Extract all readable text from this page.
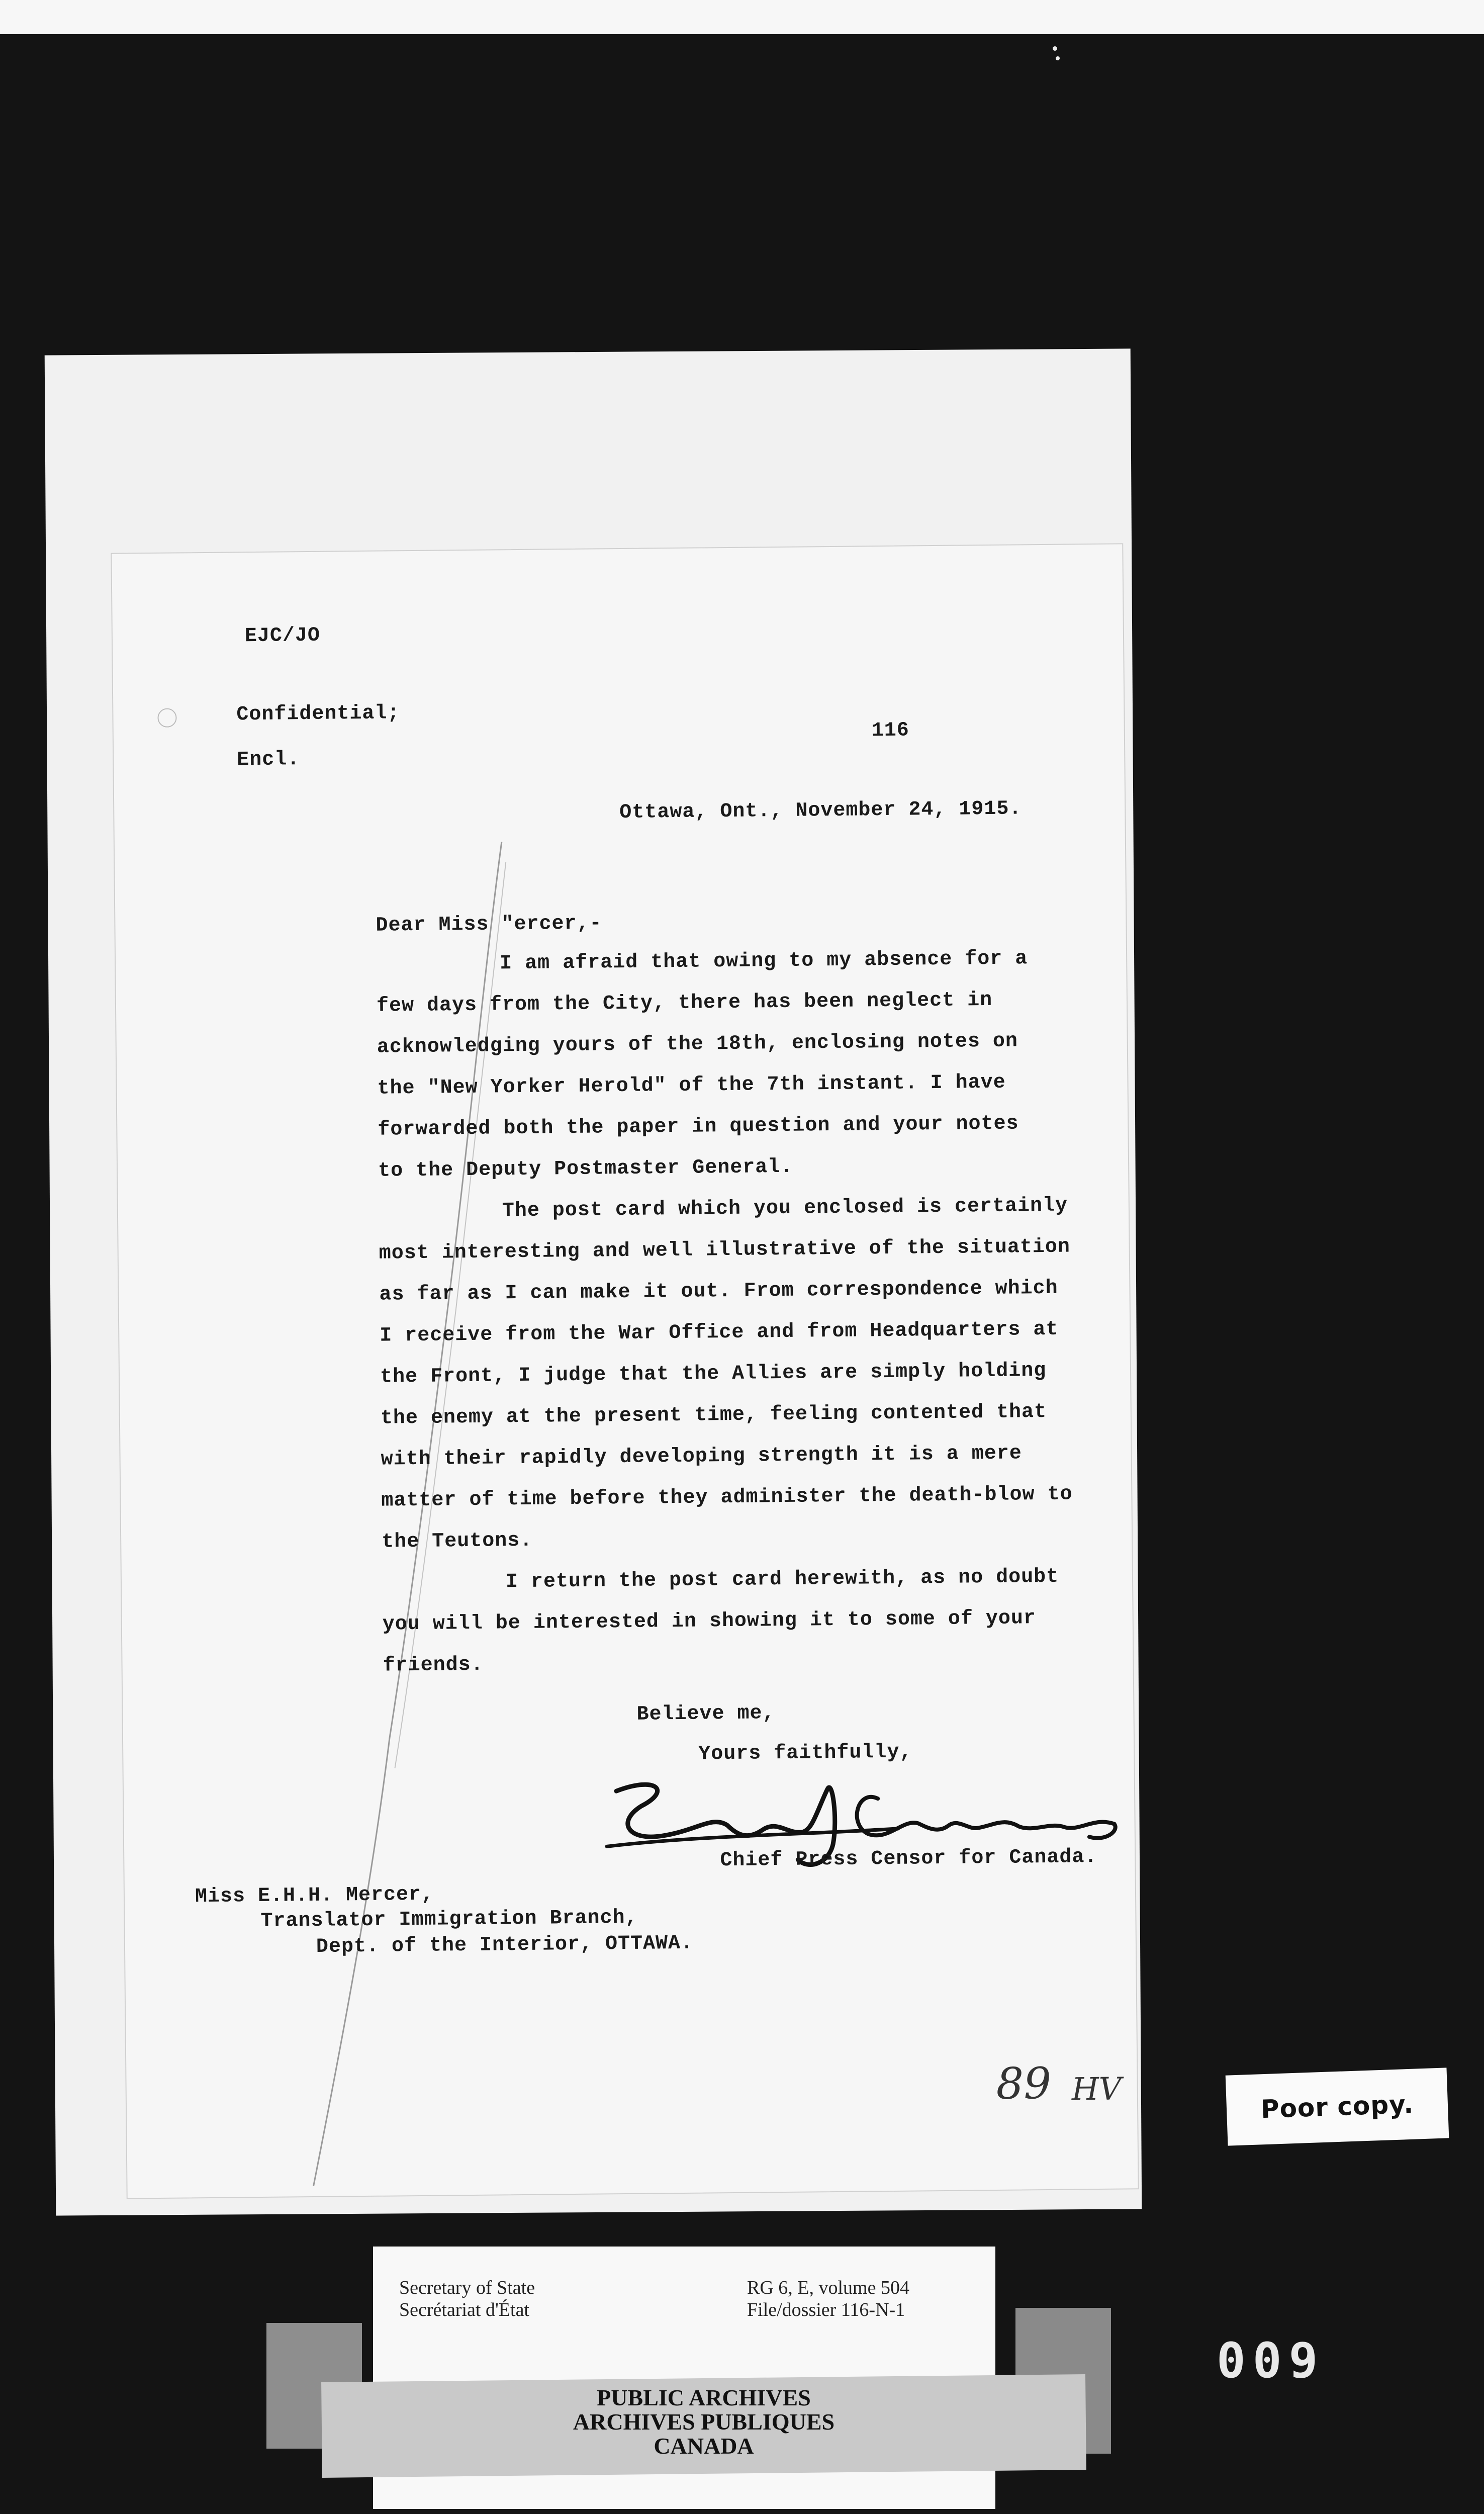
EJC/JO
Confidential;
116
Encl.
Ottawa, Ont., November 24, 1915.
Dear Miss "ercer,-
I am afraid that owing to my absence for a
few days from the City, there has been neglect in
acknowledging yours of the 18th, enclosing notes on
the "New Yorker Herold" of the 7th instant. I have
forwarded both the paper in question and your notes
to the Deputy Postmaster General.
The post card which you enclosed is certainly
most interesting and well illustrative of the situation
as far as I can make it out. From correspondence which
I receive from the War Office and from Headquarters at
the Front, I judge that the Allies are simply holding
the enemy at the present time, feeling contented that
with their rapidly developing strength it is a mere
matter of time before they administer the death-blow to
the Teutons.
I return the post card herewith, as no doubt
you will be interested in showing it to some of your
friends.
Believe me,
Yours faithfully,
Chief Press Censor for Canada.
Miss E.H.H. Mercer,
Translator Immigration Branch,
Dept. of the Interior, OTTAWA.
89 HV	Poor copy.
Secretary of State
Secrétariat d'État
RG 6, E, volume 504
File/dossier 116-N-1
PUBLIC ARCHIVES
ARCHIVES PUBLIQUES
CANADA
009
